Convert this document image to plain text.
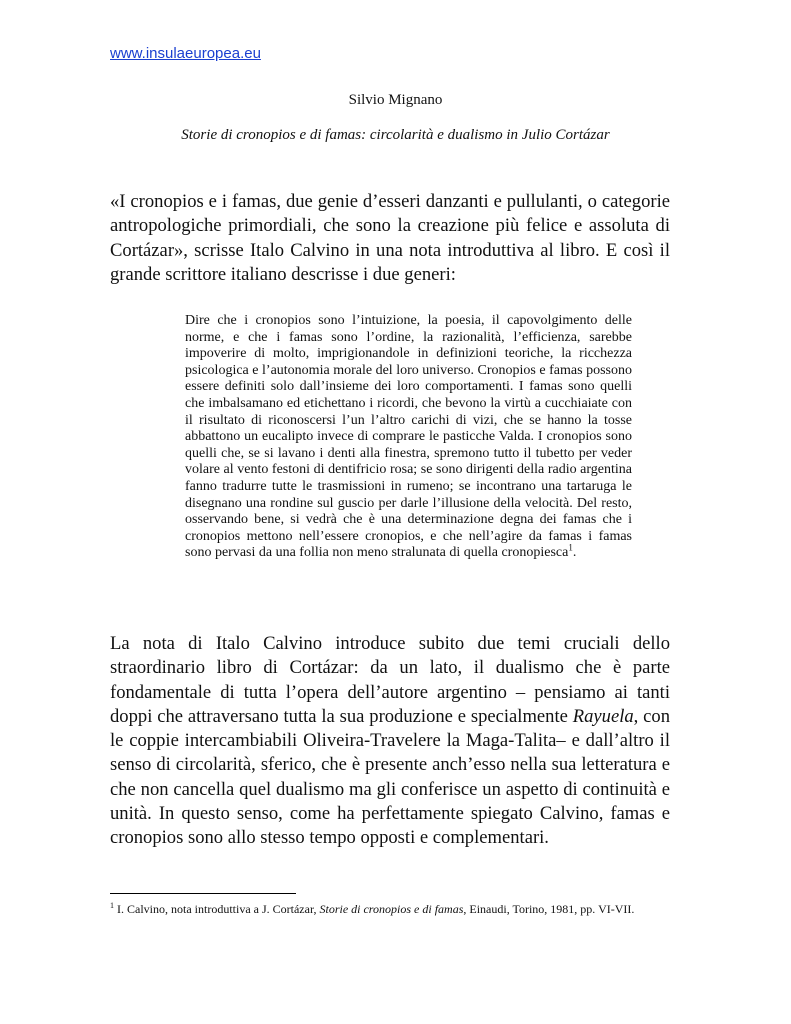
www.insulaeuropea.eu
Silvio Mignano
Storie di cronopios e di famas: circolarità e dualismo in Julio Cortázar

«I cronopios e i famas, due genie d’esseri danzanti e pullulanti, o categorie antropologiche primordiali, che sono la creazione più felice e assoluta di Cortázar», scrisse Italo Calvino in una nota introduttiva al libro. E così il grande scrittore italiano descrisse i due generi:

Dire che i cronopios sono l’intuizione, la poesia, il capovolgimento delle norme, e che i famas sono l’ordine, la razionalità, l’efficienza, sarebbe impoverire di molto, imprigionandole in definizioni teoriche, la ricchezza psicologica e l’autonomia morale del loro universo. Cronopios e famas possono essere definiti solo dall’insieme dei loro comportamenti. I famas sono quelli che imbalsamano ed etichettano i ricordi, che bevono la virtù a cucchiaiate con il risultato di riconoscersi l’un l’altro carichi di vizi, che se hanno la tosse abbattono un eucalipto invece di comprare le pasticche Valda. I cronopios sono quelli che, se si lavano i denti alla finestra, spremono tutto il tubetto per veder volare al vento festoni di dentifricio rosa; se sono dirigenti della radio argentina fanno tradurre tutte le trasmissioni in rumeno; se incontrano una tartaruga le disegnano una rondine sul guscio per darle l’illusione della velocità. Del resto, osservando bene, si vedrà che è una determinazione degna dei famas che i cronopios mettono nell’essere cronopios, e che nell’agire da famas i famas sono pervasi da una follia non meno stralunata di quella cronopiesca$^1$.

La nota di Italo Calvino introduce subito due temi cruciali dello straordinario libro di Cortázar: da un lato, il dualismo che è parte fondamentale di tutta l’opera dell’autore argentino – pensiamo ai tanti doppi che attraversano tutta la sua produzione e specialmente Rayuela, con le coppie intercambiabili Oliveira-Travelere la Maga-Talita– e dall’altro il senso di circolarità, sferico, che è presente anch’esso nella sua letteratura e che non cancella quel dualismo ma gli conferisce un aspetto di continuità e unità. In questo senso, come ha perfettamente spiegato Calvino, famas e cronopios sono allo stesso tempo opposti e complementari.

$^1$ I. Calvino, nota introduttiva a J. Cortázar, Storie di cronopios e di famas, Einaudi, Torino, 1981, pp. VI-VII.
